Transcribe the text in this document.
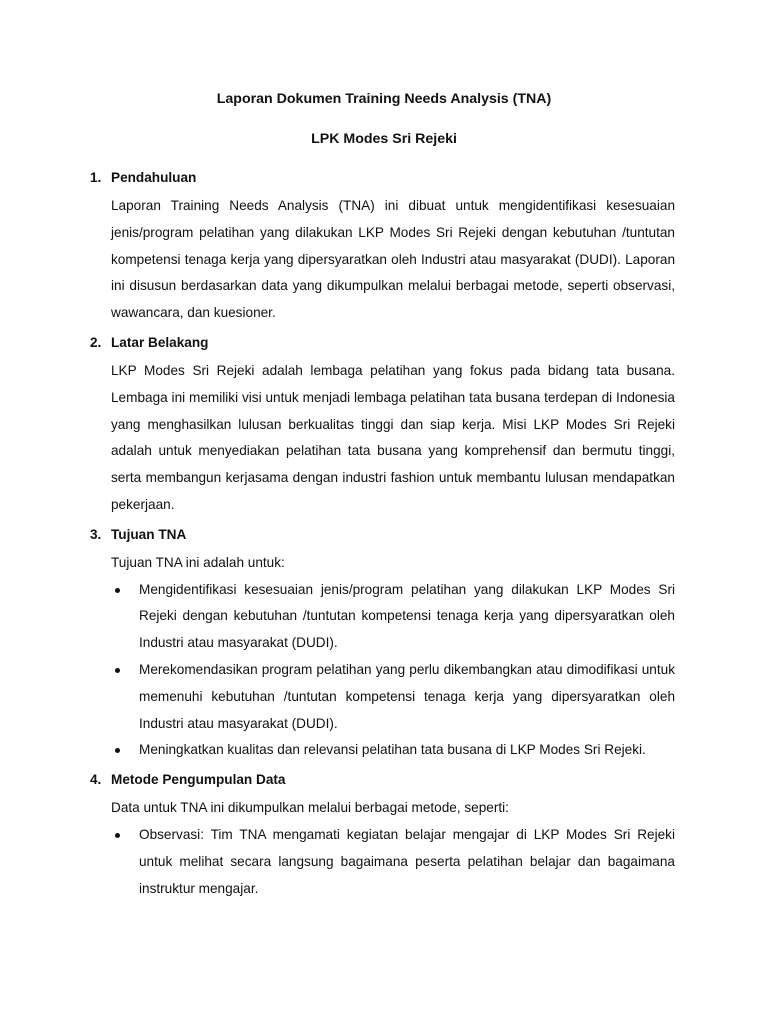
Laporan Dokumen Training Needs Analysis (TNA)
LPK Modes Sri Rejeki
1. Pendahuluan

Laporan Training Needs Analysis (TNA) ini dibuat untuk mengidentifikasi kesesuaian jenis/program pelatihan yang dilakukan LKP Modes Sri Rejeki dengan kebutuhan /tuntutan kompetensi tenaga kerja yang dipersyaratkan oleh Industri atau masyarakat (DUDI). Laporan ini disusun berdasarkan data yang dikumpulkan melalui berbagai metode, seperti observasi, wawancara, dan kuesioner.

2. Latar Belakang

LKP Modes Sri Rejeki adalah lembaga pelatihan yang fokus pada bidang tata busana. Lembaga ini memiliki visi untuk menjadi lembaga pelatihan tata busana terdepan di Indonesia yang menghasilkan lulusan berkualitas tinggi dan siap kerja. Misi LKP Modes Sri Rejeki adalah untuk menyediakan pelatihan tata busana yang komprehensif dan bermutu tinggi, serta membangun kerjasama dengan industri fashion untuk membantu lulusan mendapatkan pekerjaan.

3. Tujuan TNA

Tujuan TNA ini adalah untuk:

Mengidentifikasi kesesuaian jenis/program pelatihan yang dilakukan LKP Modes Sri Rejeki dengan kebutuhan /tuntutan kompetensi tenaga kerja yang dipersyaratkan oleh Industri atau masyarakat (DUDI).
Merekomendasikan program pelatihan yang perlu dikembangkan atau dimodifikasi untuk memenuhi kebutuhan /tuntutan kompetensi tenaga kerja yang dipersyaratkan oleh Industri atau masyarakat (DUDI).
Meningkatkan kualitas dan relevansi pelatihan tata busana di LKP Modes Sri Rejeki.
4. Metode Pengumpulan Data

Data untuk TNA ini dikumpulkan melalui berbagai metode, seperti:

Observasi: Tim TNA mengamati kegiatan belajar mengajar di LKP Modes Sri Rejeki untuk melihat secara langsung bagaimana peserta pelatihan belajar dan bagaimana instruktur mengajar.
